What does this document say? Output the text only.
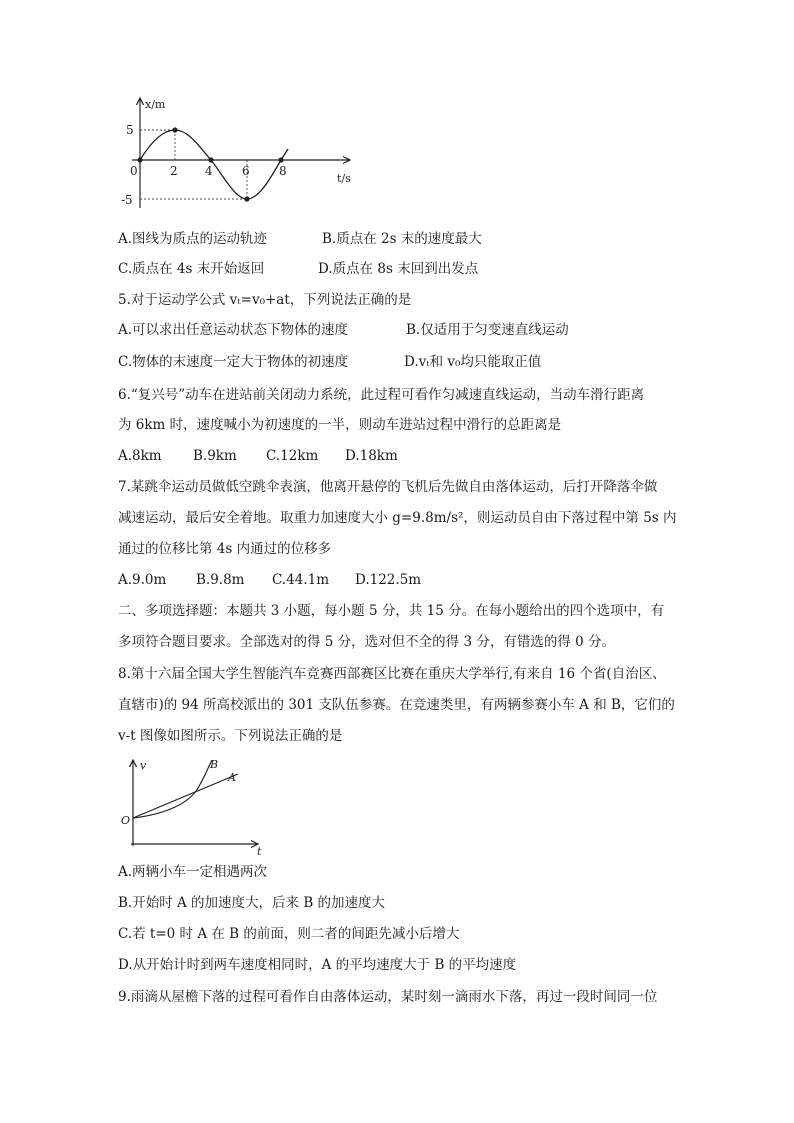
x/m
t/s
5
-5
0	2 4 6 8
A.图线为质点的运动轨迹	B.质点在 2s 末的速度最大
C.质点在 4s 末开始返回	D.质点在 8s 末回到出发点
5.对于运动学公式 vₜ=v₀+at，下列说法正确的是
A.可以求出任意运动状态下物体的速度	B.仅适用于匀变速直线运动
C.物体的末速度一定大于物体的初速度	D.vₜ和 v₀均只能取正值
6.“复兴号”动车在进站前关闭动力系统，此过程可看作匀减速直线运动，当动车滑行距离
为 6km 时，速度喊小为初速度的一半，则动车进站过程中滑行的总距离是
A.8km B.9km C.12km D.18km
7.某跳伞运动员做低空跳伞表演，他离开悬停的飞机后先做自由落体运动，后打开降落伞做
减速运动，最后安全着地。取重力加速度大小 g=9.8m/s²，则运动员自由下落过程中第 5s 内
通过的位移比第 4s 内通过的位移多
A.9.0m B.9.8m C.44.1m D.122.5m
二、多项选择题：本题共 3 小题，每小题 5 分，共 15 分。在每小题给出的四个选项中，有
多项符合题目要求。全部选对的得 5 分，选对但不全的得 3 分，有错选的得 0 分。
8.第十六届全国大学生智能汽车竞赛西部赛区比赛在重庆大学举行,有来自 16 个省(自治区、
直辖市)的 94 所高校派出的 301 支队伍参赛。在竞速类里，有两辆参赛小车 A 和 B，它们的
v-t 图像如图所示。下列说法正确的是
v
t
O
B
A
A.两辆小车一定相遇两次
B.开始时 A 的加速度大，后来 B 的加速度大
C.若 t=0 时 A 在 B 的前面，则二者的间距先减小后增大
D.从开始计时到两车速度相同时，A 的平均速度大于 B 的平均速度
9.雨滴从屋檐下落的过程可看作自由落体运动，某时刻一滴雨水下落，再过一段时间同一位
